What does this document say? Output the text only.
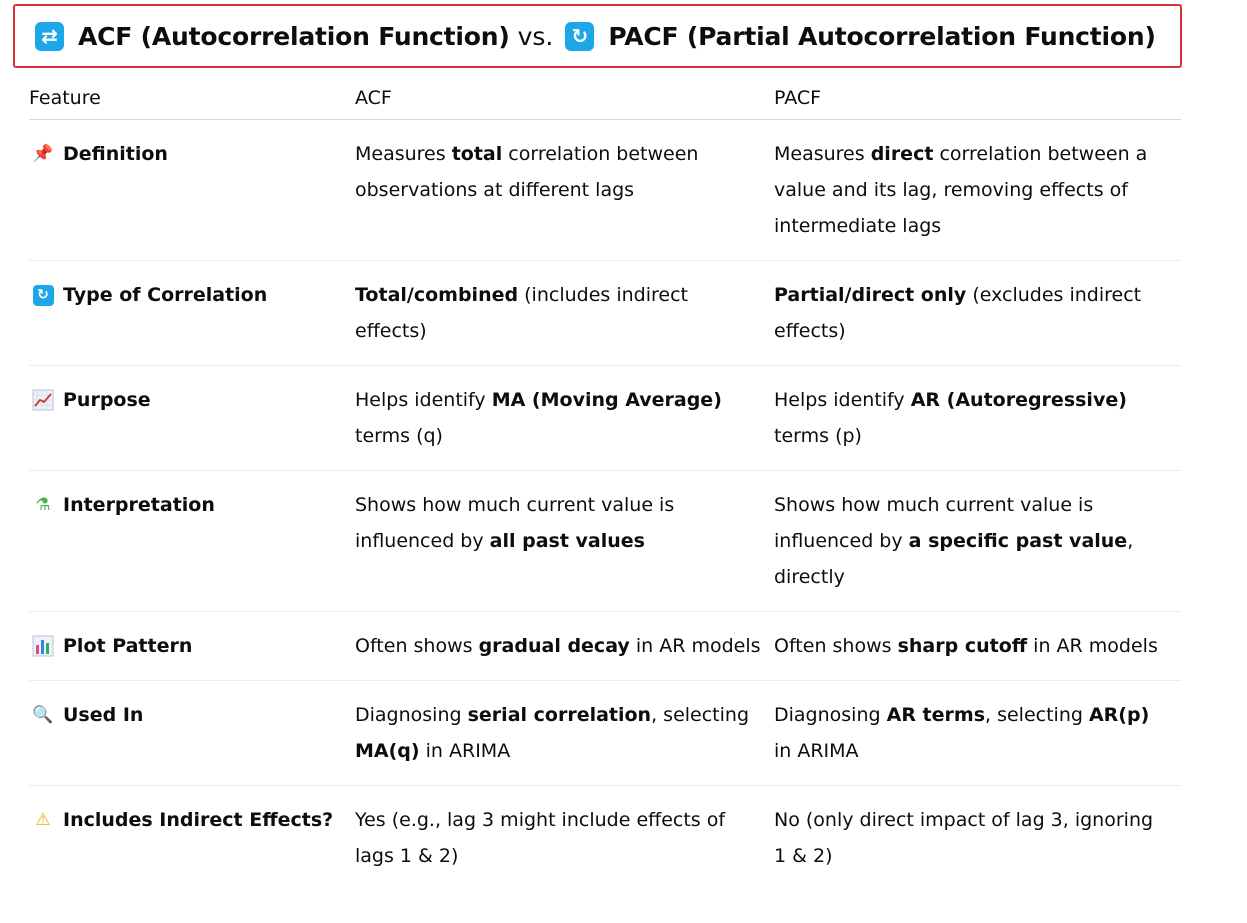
⇄ ACF (Autocorrelation Function) vs. ↻ PACF (Partial Autocorrelation Function)
Feature	ACF	PACF

📌 Definition	Measures total correlation between observations at different lags	Measures direct correlation between a value and its lag, removing effects of intermediate lags

↻ Type of Correlation	Total/combined (includes indirect effects)	Partial/direct only (excludes indirect effects)

Purpose	Helps identify MA (Moving Average) terms (q)	Helps identify AR (Autoregressive) terms (p)

⚗ Interpretation	Shows how much current value is influenced by all past values	Shows how much current value is influenced by a specific past value, directly

Plot Pattern	Often shows gradual decay in AR models	Often shows sharp cutoff in AR models

🔍 Used In	Diagnosing serial correlation, selecting MA(q) in ARIMA	Diagnosing AR terms, selecting AR(p) in ARIMA

⚠ Includes Indirect Effects?	Yes (e.g., lag 3 might include effects of lags 1 & 2)	No (only direct impact of lag 3, ignoring 1 & 2)
